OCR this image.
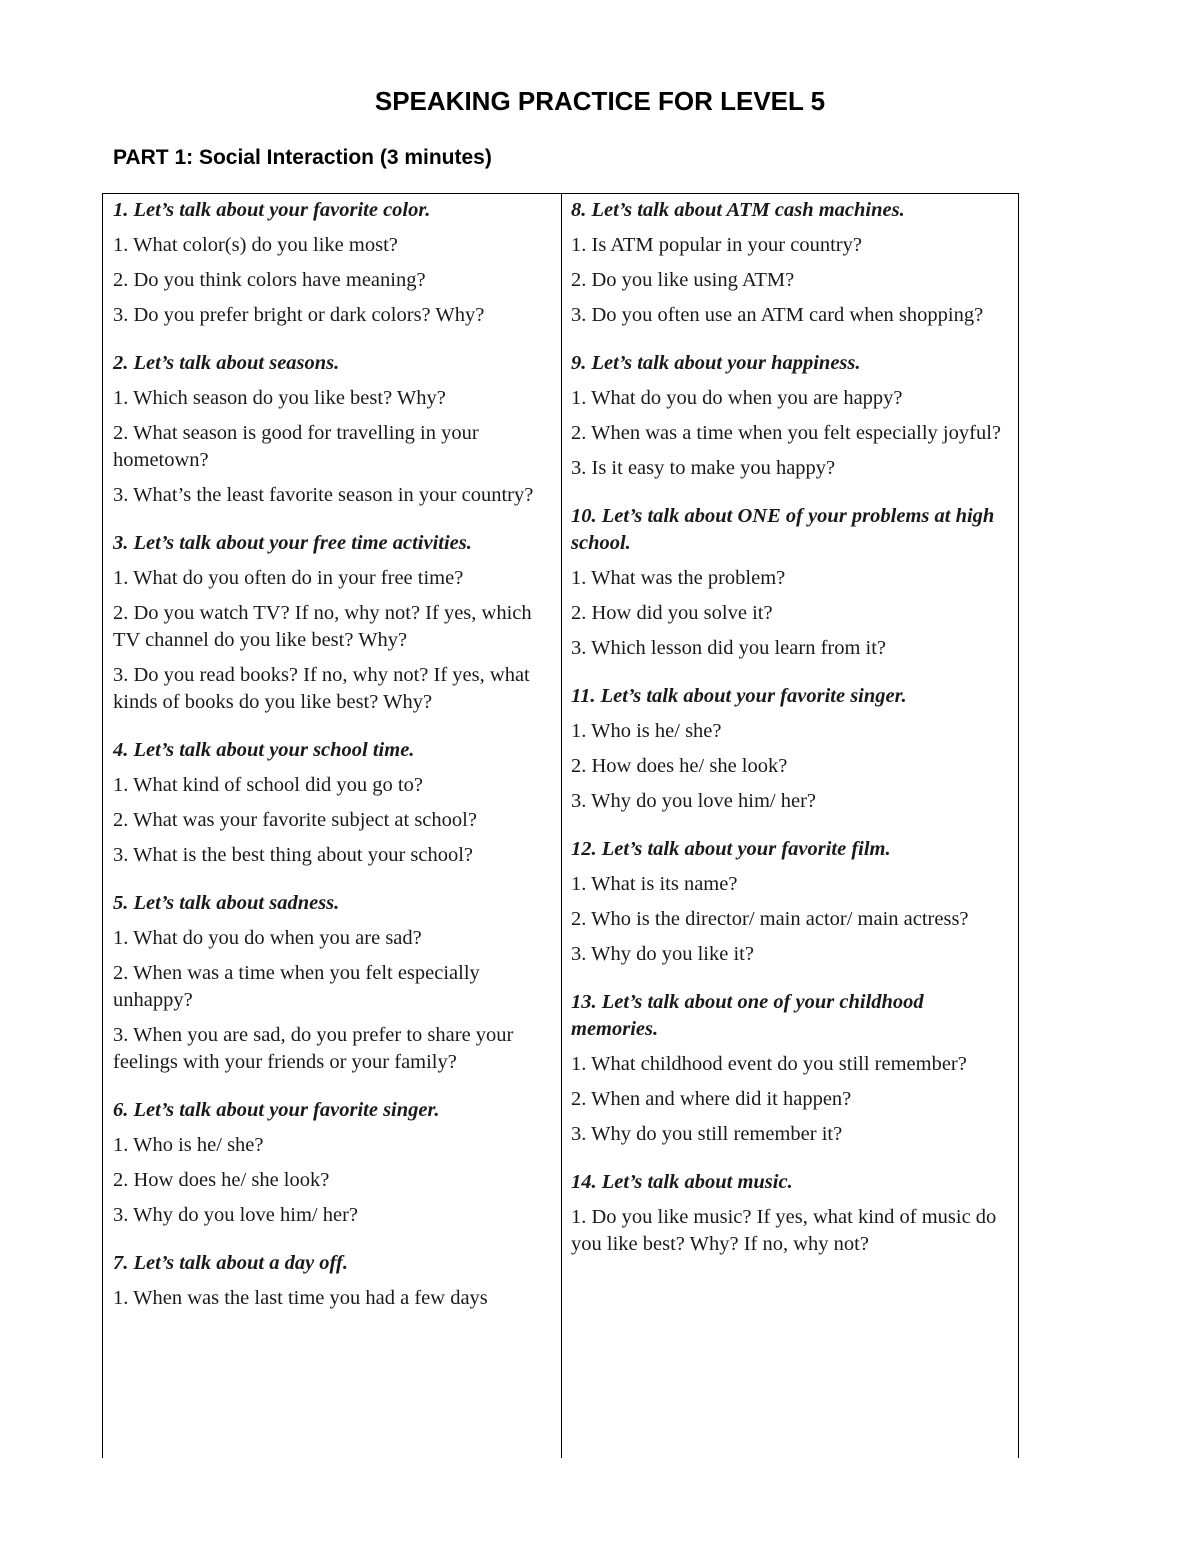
SPEAKING PRACTICE FOR LEVEL 5
PART 1: Social Interaction (3 minutes)
1. Let’s talk about your favorite color.
1. What color(s) do you like most?
2. Do you think colors have meaning?
3. Do you prefer bright or dark colors? Why?
2. Let’s talk about seasons.
1. Which season do you like best? Why?
2. What season is good for travelling in your hometown?
3. What’s the least favorite season in your country?
3. Let’s talk about your free time activities.
1. What do you often do in your free time?
2. Do you watch TV? If no, why not? If yes, which TV channel do you like best? Why?
3. Do you read books? If no, why not? If yes, what kinds of books do you like best? Why?
4. Let’s talk about your school time.
1. What kind of school did you go to?
2. What was your favorite subject at school?
3. What is the best thing about your school?
5. Let’s talk about sadness.
1. What do you do when you are sad?
2. When was a time when you felt especially unhappy?
3. When you are sad, do you prefer to share your feelings with your friends or your family?
6. Let’s talk about your favorite singer.
1. Who is he/ she?
2. How does he/ she look?
3. Why do you love him/ her?
7. Let’s talk about a day off.
1. When was the last time you had a few days
8. Let’s talk about ATM cash machines.
1. Is ATM popular in your country?
2. Do you like using ATM?
3. Do you often use an ATM card when shopping?
9. Let’s talk about your happiness.
1. What do you do when you are happy?
2. When was a time when you felt especially joyful?
3. Is it easy to make you happy?
10. Let’s talk about ONE of your problems at high school.
1. What was the problem?
2. How did you solve it?
3. Which lesson did you learn from it?
11. Let’s talk about your favorite singer.
1. Who is he/ she?
2. How does he/ she look?
3. Why do you love him/ her?
12. Let’s talk about your favorite film.
1. What is its name?
2. Who is the director/ main actor/ main actress?
3. Why do you like it?
13. Let’s talk about one of your childhood memories.
1. What childhood event do you still remember?
2. When and where did it happen?
3. Why do you still remember it?
14. Let’s talk about music.
1. Do you like music? If yes, what kind of music do you like best? Why? If no, why not?
